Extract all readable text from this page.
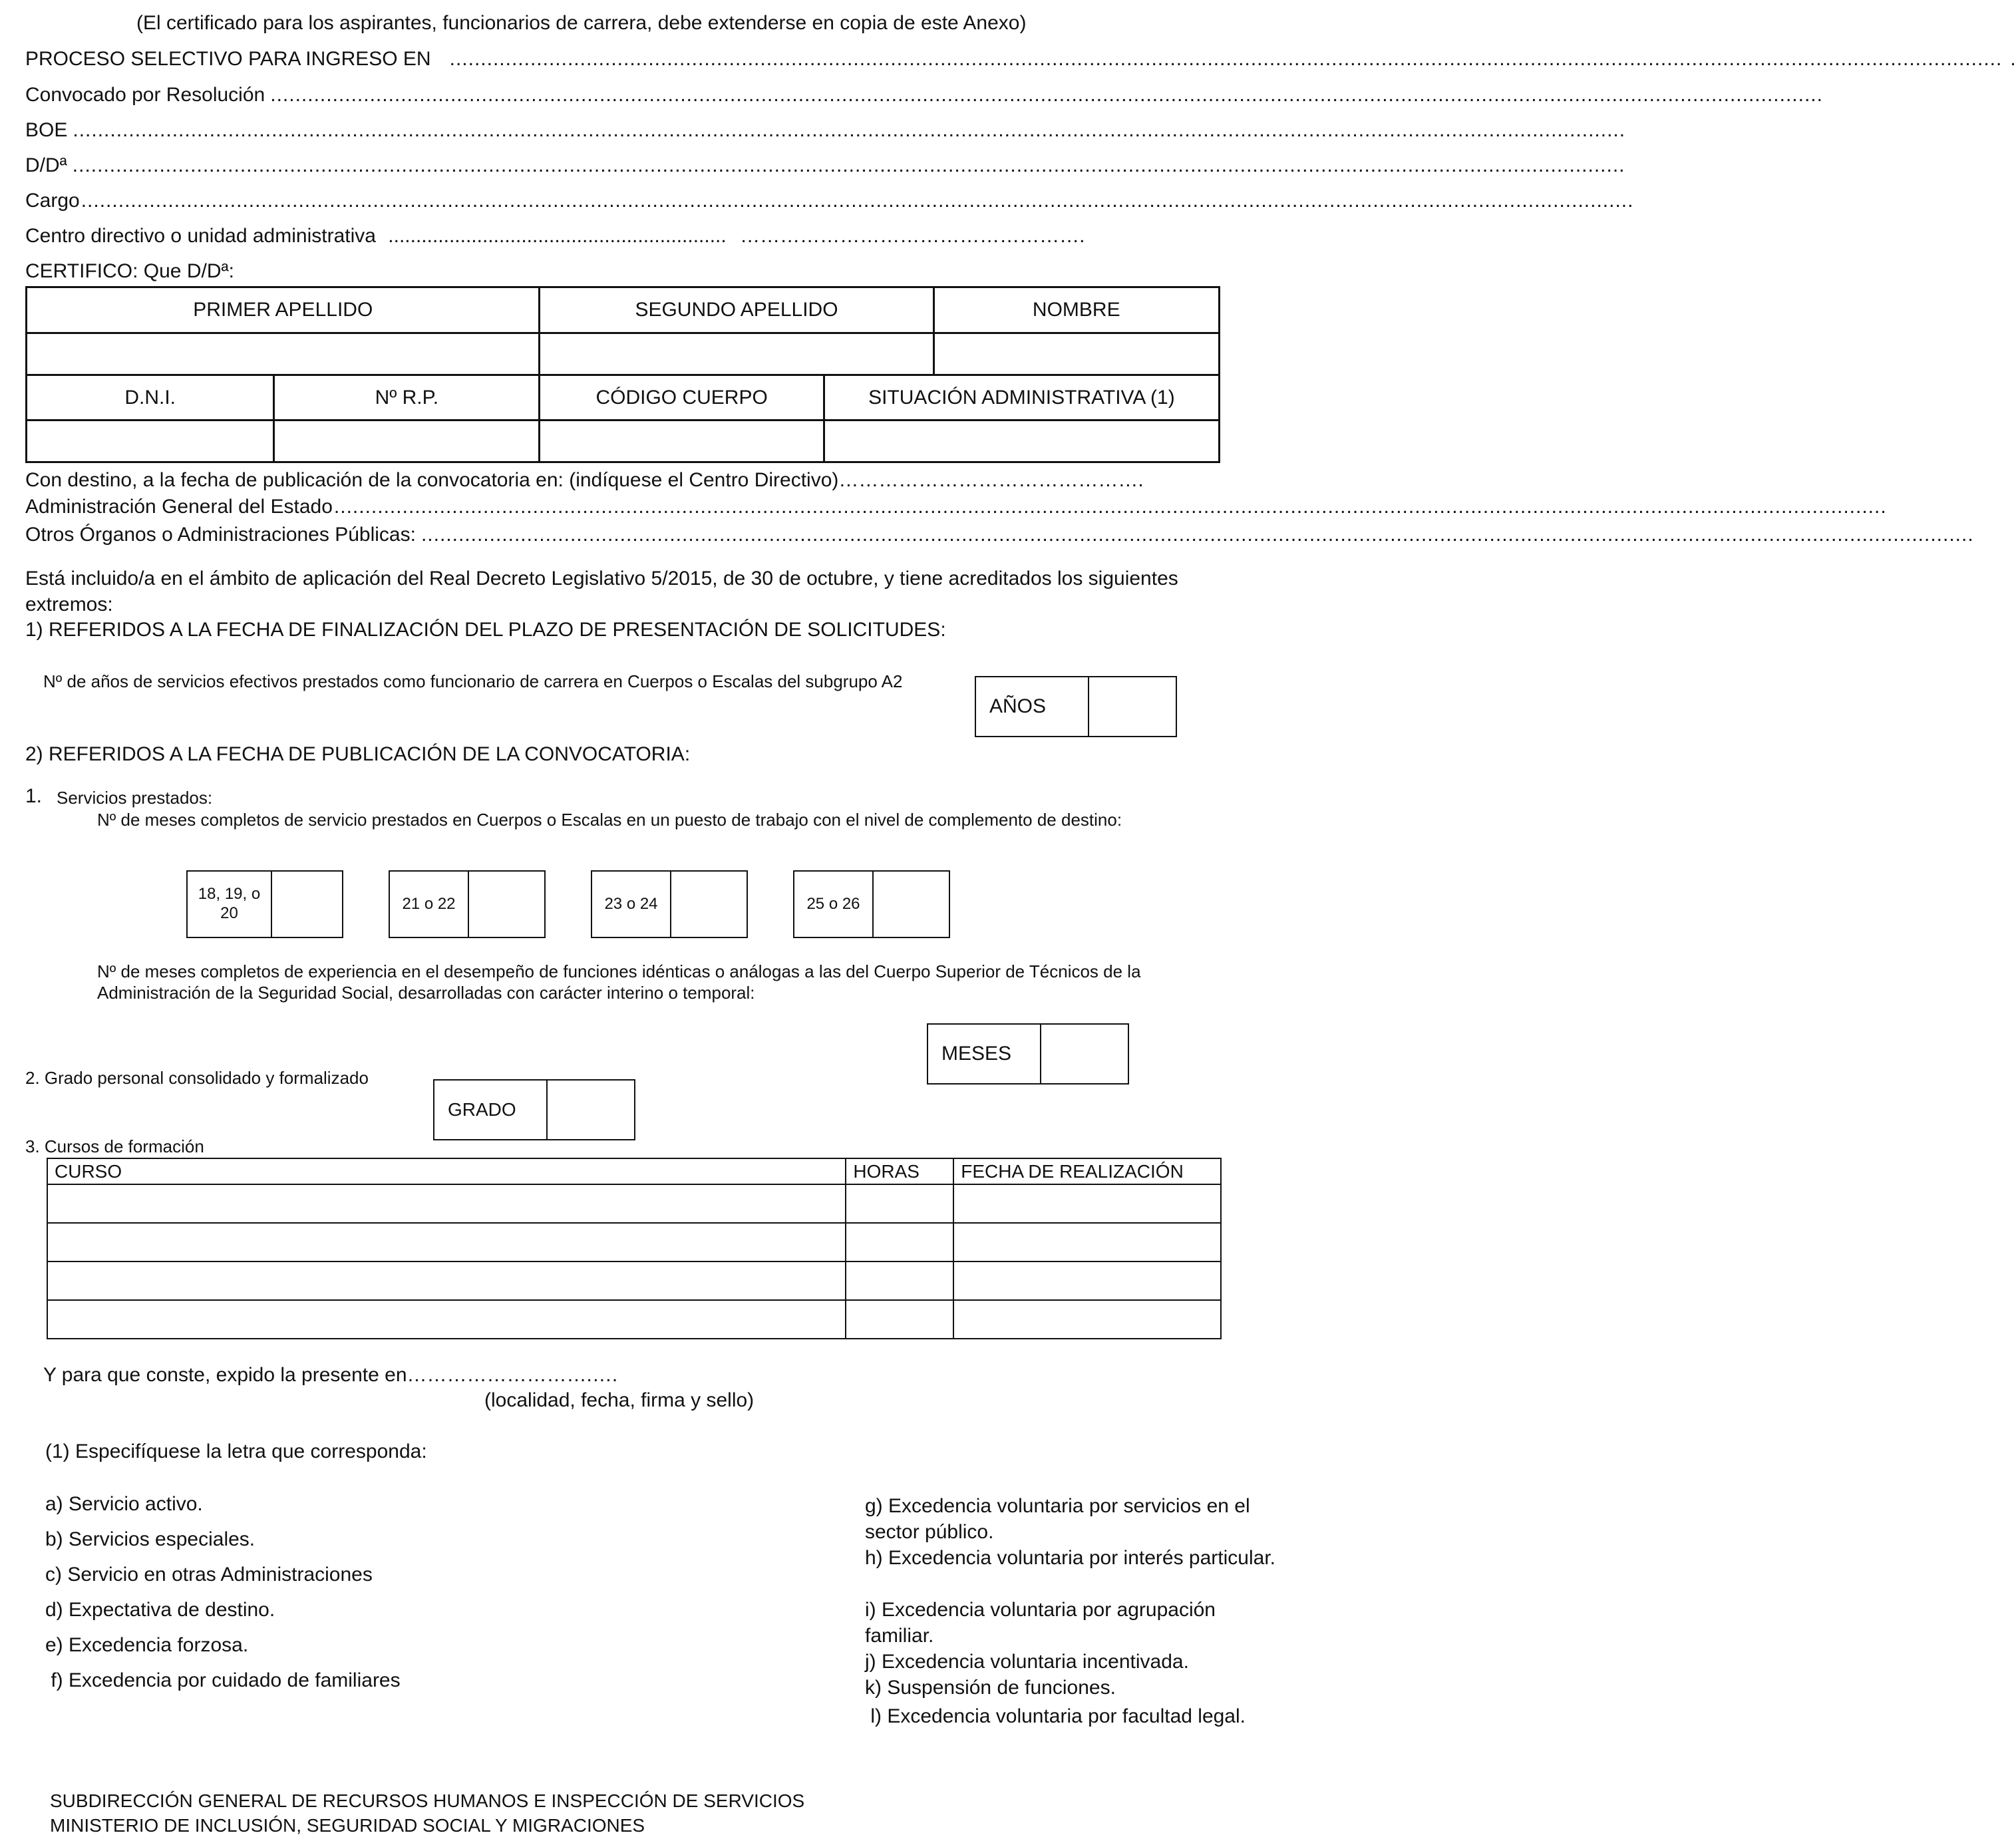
(El certificado para los aspirantes, funcionarios de carrera, debe extenderse en copia de este Anexo)
PROCESO SELECTIVO PARA INGRESO EN .......................................................................................................................................................................................................................................................... .
Convocado por Resolución ..........................................................................................................................................................................................................................................................
BOE ..........................................................................................................................................................................................................................................................
D/Dª ..........................................................................................................................................................................................................................................................
Cargo ..........................................................................................................................................................................................................................................................
Centro directivo o unidad administrativa ............................................................. …………………………………………….
CERTIFICO: Que D/Dª:
PRIMER APELLIDO		SEGUNDO APELLIDO		NOMBRE

D.N.I.	Nº R.P.	CÓDIGO CUERPO	SITUACIÓN ADMINISTRATIVA (1)	

Con destino, a la fecha de publicación de la convocatoria en: (indíquese el Centro Directivo)……………………………………….
Administración General del Estado ..........................................................................................................................................................................................................................................................
Otros Órganos o Administraciones Públicas: ..........................................................................................................................................................................................................................................................
Está incluido/a en el ámbito de aplicación del Real Decreto Legislativo 5/2015, de 30 de octubre, y tiene acreditados los siguientes extremos:
1) REFERIDOS A LA FECHA DE FINALIZACIÓN DEL PLAZO DE PRESENTACIÓN DE SOLICITUDES:
Nº de años de servicios efectivos prestados como funcionario de carrera en Cuerpos o Escalas del subgrupo A2
AÑOS
2) REFERIDOS A LA FECHA DE PUBLICACIÓN DE LA CONVOCATORIA:
1. Servicios prestados:
Nº de meses completos de servicio prestados en Cuerpos o Escalas en un puesto de trabajo con el nivel de complemento de destino:
18, 19, o 20
21 o 22	23 o 24	25 o 26
Nº de meses completos de experiencia en el desempeño de funciones idénticas o análogas a las del Cuerpo Superior de Técnicos de la Administración de la Seguridad Social, desarrolladas con carácter interino o temporal:
MESES
2. Grado personal consolidado y formalizado
GRADO
3. Cursos de formación
CURSO	HORAS	FECHA DE REALIZACIÓN

Y para que conste, expido la presente en……………………….….
(localidad, fecha, firma y sello)
(1) Especifíquese la letra que corresponda:
a) Servicio activo.
b) Servicios especiales.
c) Servicio en otras Administraciones
d) Expectativa de destino.
e) Excedencia forzosa.
f) Excedencia por cuidado de familiares
g) Excedencia voluntaria por servicios en el sector público.
h) Excedencia voluntaria por interés particular.
i) Excedencia voluntaria por agrupación familiar.
j) Excedencia voluntaria incentivada.
k) Suspensión de funciones.
l) Excedencia voluntaria por facultad legal.
SUBDIRECCIÓN GENERAL DE RECURSOS HUMANOS E INSPECCIÓN DE SERVICIOS
MINISTERIO DE INCLUSIÓN, SEGURIDAD SOCIAL Y MIGRACIONES
